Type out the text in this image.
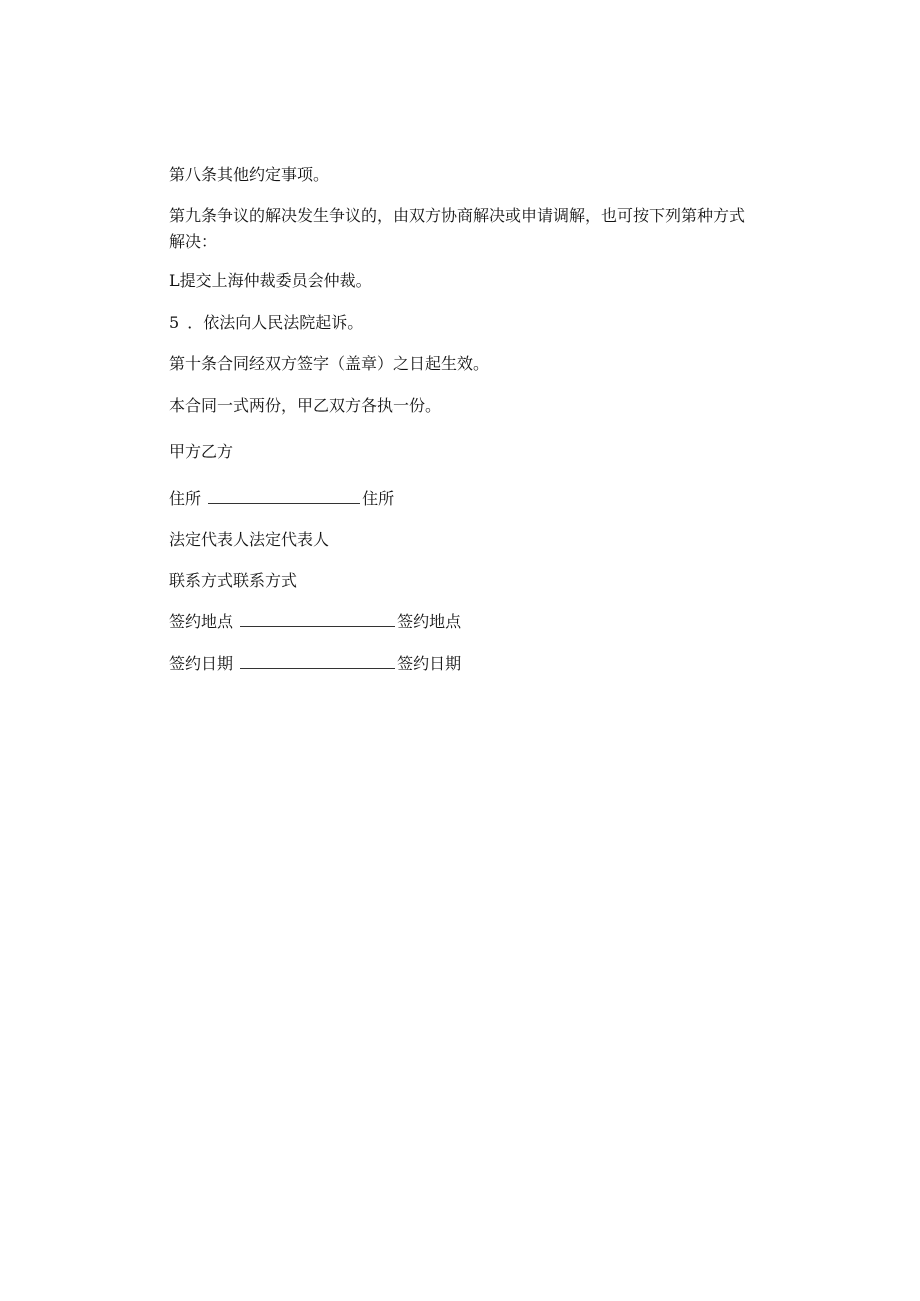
第八条其他约定事项。
第九条争议的解决发生争议的，由双方协商解决或申请调解，也可按下列第种方式
解决：
L提交上海仲裁委员会仲裁。
5 ．依法向人民法院起诉。
第十条合同经双方签字（盖章）之日起生效。
本合同一式两份，甲乙双方各执一份。
甲方乙方
住所	住所
法定代表人法定代表人
联系方式联系方式
签约地点	签约地点
签约日期	签约日期
